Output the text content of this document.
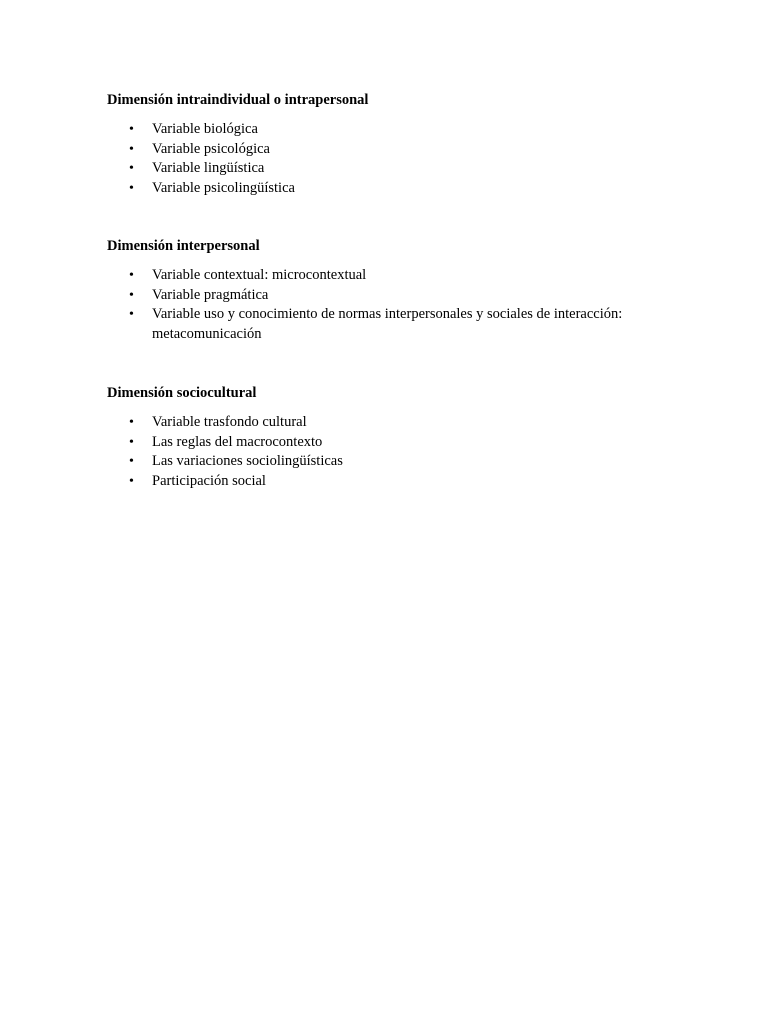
Dimensión intraindividual o intrapersonal

• Variable biológica
• Variable psicológica
• Variable lingüística
• Variable psicolingüística

Dimensión interpersonal

• Variable contextual: microcontextual
• Variable pragmática
• Variable uso y conocimiento de normas interpersonales y sociales de interacción: metacomunicación

Dimensión sociocultural

• Variable trasfondo cultural
• Las reglas del macrocontexto
• Las variaciones sociolingüísticas
• Participación social
